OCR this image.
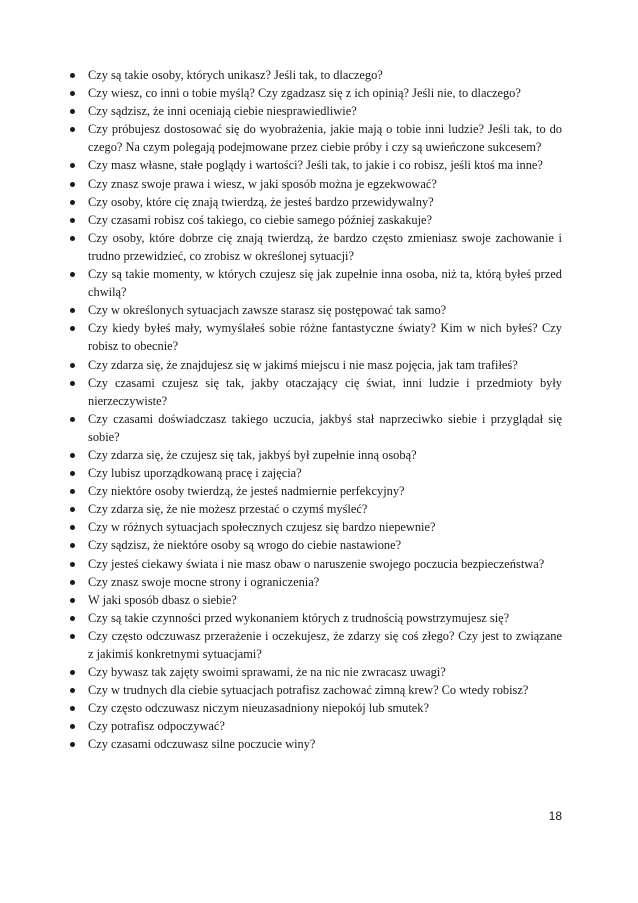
Czy są takie osoby, których unikasz? Jeśli tak, to dlaczego?
Czy wiesz, co inni o tobie myślą? Czy zgadzasz się z ich opinią? Jeśli nie, to dlaczego?
Czy sądzisz, że inni oceniają ciebie niesprawiedliwie?
Czy próbujesz dostosować się do wyobrażenia, jakie mają o tobie inni ludzie? Jeśli tak, to do czego? Na czym polegają podejmowane przez ciebie próby i czy są uwieńczone sukcesem?
Czy masz własne, stałe poglądy i wartości? Jeśli tak, to jakie i co robisz, jeśli ktoś ma inne?
Czy znasz swoje prawa i wiesz, w jaki sposób można je egzekwować?
Czy osoby, które cię znają twierdzą, że jesteś bardzo przewidywalny?
Czy czasami robisz coś takiego, co ciebie samego później zaskakuje?
Czy osoby, które dobrze cię znają twierdzą, że bardzo często zmieniasz swoje zachowanie i trudno przewidzieć, co zrobisz w określonej sytuacji?
Czy są takie momenty, w których czujesz się jak zupełnie inna osoba, niż ta, którą byłeś przed chwilą?
Czy w określonych sytuacjach zawsze starasz się postępować tak samo?
Czy kiedy byłeś mały, wymyślałeś sobie różne fantastyczne światy? Kim w nich byłeś? Czy robisz to obecnie?
Czy zdarza się, że znajdujesz się w jakimś miejscu i nie masz pojęcia, jak tam trafiłeś?
Czy czasami czujesz się tak, jakby otaczający cię świat, inni ludzie i przedmioty były nierzeczywiste?
Czy czasami doświadczasz takiego uczucia, jakbyś stał naprzeciwko siebie i przyglądał się sobie?
Czy zdarza się, że czujesz się tak, jakbyś był zupełnie inną osobą?
Czy lubisz uporządkowaną pracę i zajęcia?
Czy niektóre osoby twierdzą, że jesteś nadmiernie perfekcyjny?
Czy zdarza się, że nie możesz przestać o czymś myśleć?
Czy w różnych sytuacjach społecznych czujesz się bardzo niepewnie?
Czy sądzisz, że niektóre osoby są wrogo do ciebie nastawione?
Czy jesteś ciekawy świata i nie masz obaw o naruszenie swojego poczucia bezpieczeństwa?
Czy znasz swoje mocne strony i ograniczenia?
W jaki sposób dbasz o siebie?
Czy są takie czynności przed wykonaniem których z trudnością powstrzymujesz się?
Czy często odczuwasz przerażenie i oczekujesz, że zdarzy się coś złego? Czy jest to związane z jakimiś konkretnymi sytuacjami?
Czy bywasz tak zajęty swoimi sprawami, że na nic nie zwracasz uwagi?
Czy w trudnych dla ciebie sytuacjach potrafisz zachować zimną krew? Co wtedy robisz?
Czy często odczuwasz niczym nieuzasadniony niepokój lub smutek?
Czy potrafisz odpoczywać?
Czy czasami odczuwasz silne poczucie winy?
18
